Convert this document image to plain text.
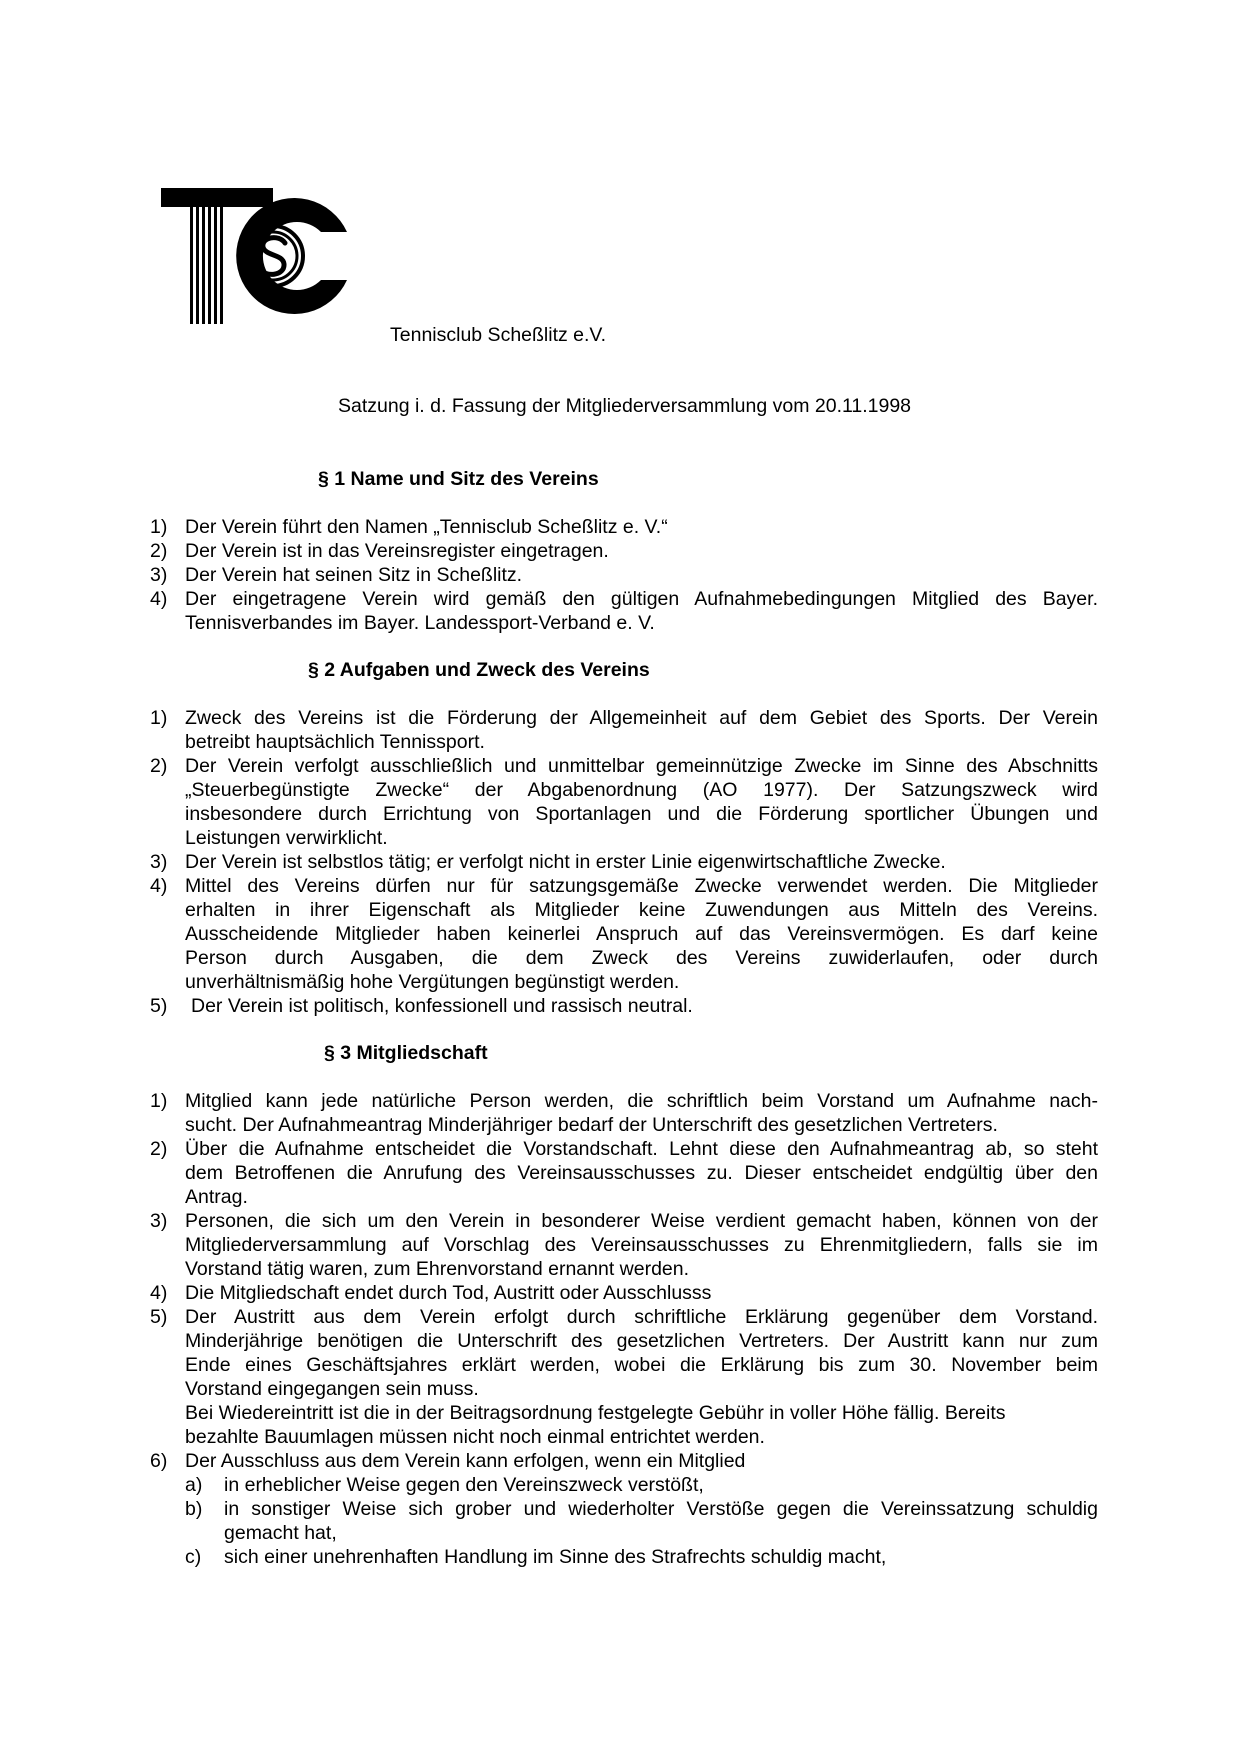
Tennisclub Scheßlitz e.V.
Satzung i. d. Fassung der Mitgliederversammlung vom 20.11.1998
§ 1 Name und Sitz des Vereins
1) Der Verein führt den Namen „Tennisclub Scheßlitz e. V.“
2) Der Verein ist in das Vereinsregister eingetragen.
3) Der Verein hat seinen Sitz in Scheßlitz.
4) Der eingetragene Verein wird gemäß den gültigen Aufnahmebedingungen Mitglied des Bayer.
Tennisverbandes im Bayer. Landessport-Verband e. V.
§ 2 Aufgaben und Zweck des Vereins
1) Zweck des Vereins ist die Förderung der Allgemeinheit auf dem Gebiet des Sports. Der Verein
betreibt hauptsächlich Tennissport.
2) Der Verein verfolgt ausschließlich und unmittelbar gemeinnützige Zwecke im Sinne des Abschnitts
„Steuerbegünstigte Zwecke“ der Abgabenordnung (AO 1977). Der Satzungszweck wird
insbesondere durch Errichtung von Sportanlagen und die Förderung sportlicher Übungen und
Leistungen verwirklicht.
3) Der Verein ist selbstlos tätig; er verfolgt nicht in erster Linie eigenwirtschaftliche Zwecke.
4) Mittel des Vereins dürfen nur für satzungsgemäße Zwecke verwendet werden. Die Mitglieder
erhalten in ihrer Eigenschaft als Mitglieder keine Zuwendungen aus Mitteln des Vereins.
Ausscheidende Mitglieder haben keinerlei Anspruch auf das Vereinsvermögen. Es darf keine
Person durch Ausgaben, die dem Zweck des Vereins zuwiderlaufen, oder durch
unverhältnismäßig hohe Vergütungen begünstigt werden.
5) Der Verein ist politisch, konfessionell und rassisch neutral.
§ 3 Mitgliedschaft
1) Mitglied kann jede natürliche Person werden, die schriftlich beim Vorstand um Aufnahme nach-
sucht. Der Aufnahmeantrag Minderjähriger bedarf der Unterschrift des gesetzlichen Vertreters.
2) Über die Aufnahme entscheidet die Vorstandschaft. Lehnt diese den Aufnahmeantrag ab, so steht
dem Betroffenen die Anrufung des Vereinsausschusses zu. Dieser entscheidet endgültig über den
Antrag.
3) Personen, die sich um den Verein in besonderer Weise verdient gemacht haben, können von der
Mitgliederversammlung auf Vorschlag des Vereinsausschusses zu Ehrenmitgliedern, falls sie im
Vorstand tätig waren, zum Ehrenvorstand ernannt werden.
4) Die Mitgliedschaft endet durch Tod, Austritt oder Ausschlusss
5) Der Austritt aus dem Verein erfolgt durch schriftliche Erklärung gegenüber dem Vorstand.
Minderjährige benötigen die Unterschrift des gesetzlichen Vertreters. Der Austritt kann nur zum
Ende eines Geschäftsjahres erklärt werden, wobei die Erklärung bis zum 30. November beim
Vorstand eingegangen sein muss.
Bei Wiedereintritt ist die in der Beitragsordnung festgelegte Gebühr in voller Höhe fällig. Bereits
bezahlte Bauumlagen müssen nicht noch einmal entrichtet werden.
6) Der Ausschluss aus dem Verein kann erfolgen, wenn ein Mitglied
a) in erheblicher Weise gegen den Vereinszweck verstößt,
b) in sonstiger Weise sich grober und wiederholter Verstöße gegen die Vereinssatzung schuldig
gemacht hat,
c) sich einer unehrenhaften Handlung im Sinne des Strafrechts schuldig macht,
